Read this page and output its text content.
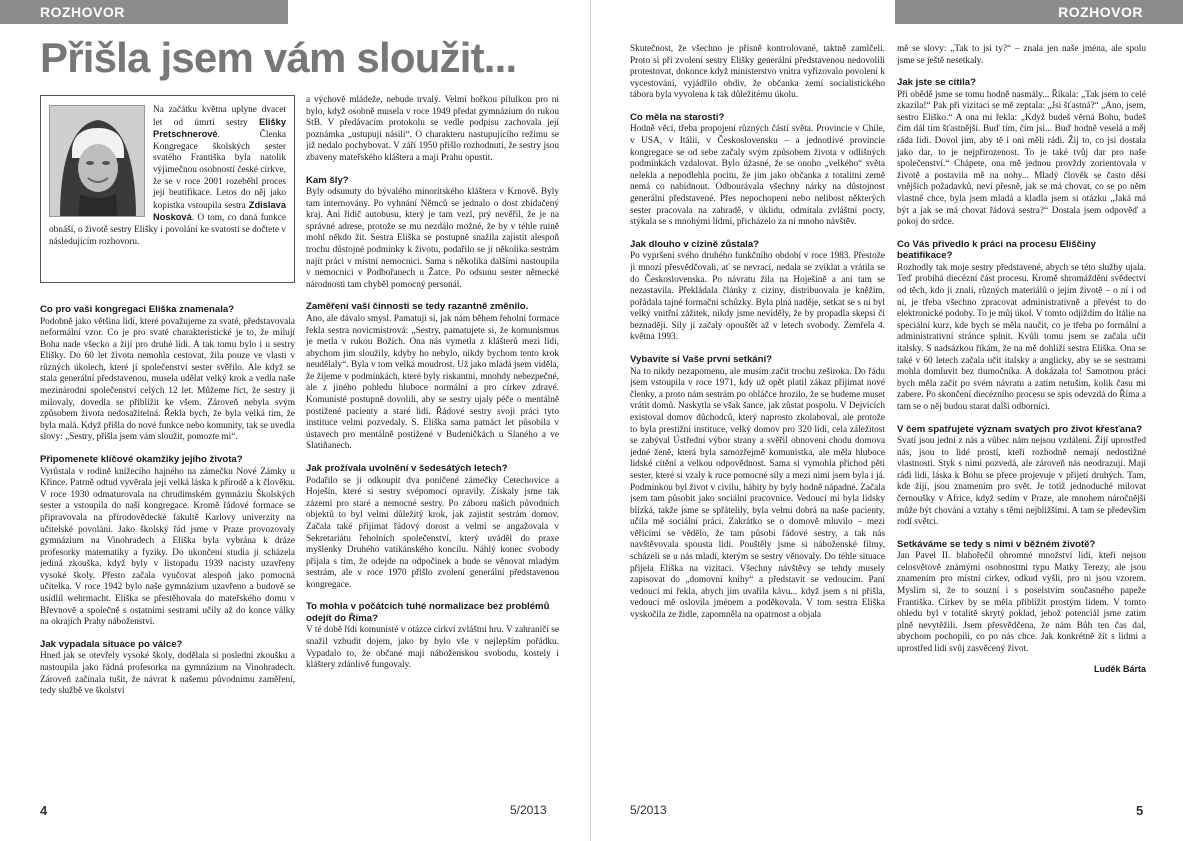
ROZHOVOR
Přišla jsem vám sloužit...
Na začátku května uplyne dvacet let od úmrtí sestry Elišky Pretschnerové. Členka Kongregace školských sester svatého Františka byla natolik výjimečnou osobností české církve, že se v roce 2001 rozeběhl proces její beatifikace. Letos do něj jako kopistka vstoupila sestra Zdislava Nosková. O tom, co daná funkce obnáší, o životě sestry Elišky i povolání ke svatosti se dočtete v následujícím rozhovoru.
Co pro vaši kongregaci Eliška znamenala?

Podobně jako většina lidí, které považujeme za svaté, představovala neformální vzor. Co je pro svaté charakteristické je to, že milují Boha nade všecko a žijí pro druhé lidi. A tak tomu bylo i u sestry Elišky. Do 60 let života nemohla cestovat, žila pouze ve vlasti v různých úkolech, které jí společenství sester svěřilo. Ale když se stala generální představenou, musela udělat velký krok a vedla naše mezinárodní společenství celých 12 let. Můžeme říct, že sestry ji milovaly, dovedla se přiblížit ke všem. Zároveň nebyla svým způsobem života nedosažitelná. Řekla bych, že byla velká tím, že byla malá. Když přišla do nové funkce nebo komunity, tak se uvedla slovy: „Sestry, přišla jsem vám sloužit, pomozte mi“.

Připomenete klíčové okamžiky jejího života?

Vyrůstala v rodině knížecího hajného na zámečku Nové Zámky u Křince. Patrně odtud vyvěrala její velká láska k přírodě a k člověku. V roce 1930 odmaturovala na chrudimském gymnáziu Školských sester a vstoupila do naší kongregace. Kromě řádové formace se připravovala na přírodovědecké fakultě Karlovy univerzity na učitelské povolání. Jako školský řád jsme v Praze provozovaly gymnázium na Vinohradech a Eliška byla vybrána k dráze profesorky matematiky a fyziky. Do ukončení studia jí scházela jediná zkouška, když byly v listopadu 1939 nacisty uzavřeny vysoké školy. Přesto začala vyučovat alespoň jako pomocná učitelka. V roce 1942 bylo naše gymnázium uzavřeno a budově se usídlil wehrmacht. Eliška se přestěhovala do mateřského domu v Břevnově a společně s ostatními sestrami učily až do konce války na okrajích Prahy náboženství.

Jak vypadala situace po válce?

Hned jak se otevřely vysoké školy, dodělala si poslední zkoušku a nastoupila jako řádná profesorka na gymnázium na Vinohradech. Zároveň začínala tušit, že návrat k našemu původnímu zaměření, tedy službě ve školství

a výchově mládeže, nebude trvalý. Velmi hořkou pilulkou pro ni bylo, když osobně musela v roce 1949 předat gymnázium do rukou StB. V předávacím protokolu se vedle podpisu zachovala její poznámka „ustupují násilí“. O charakteru nastupujícího režimu se již nedalo pochybovat. V září 1950 přišlo rozhodnutí, že sestry jsou zbaveny mateřského kláštera a mají Prahu opustit.

Kam šly?

Byly odsunuty do bývalého minoritského kláštera v Krnově. Byly tam internovány. Po vyhnání Němců se jednalo o dost zbídačený kraj. Ani řidič autobusu, který je tam vezl, prý nevěřil, že je na správné adrese, protože se mu nezdálo možné, že by v téhle ruině mohl někdo žít. Sestra Eliška se postupně snažila zajistit alespoň trochu důstojné podmínky k životu, podařilo se jí několika sestrám najít práci v místní nemocnici. Sama s několika dalšími nastoupila v nemocnici v Podbořanech u Žatce. Po odsunu sester německé národnosti tam chyběl pomocný personál.

Zaměření vaší činnosti se tedy razantně změnilo.

Ano, ale dávalo smysl. Pamatuji si, jak nám během řeholní formace řekla sestra novicmistrová: „Sestry, pamatujete si, že komunismus je metla v rukou Božích. Ona nás vymetla z klášterů mezi lidi, abychom jim sloužily, kdyby ho nebylo, nikdy bychom tento krok neudělaly“. Byla v tom velká moudrost. Už jako mladá jsem viděla, že žijeme v podmínkách, které byly riskantní, mnohdy nebezpečné, ale z jiného pohledu hluboce normální a pro církev zdravé. Komunisté postupně dovolili, aby se sestry ujaly péče o mentálně postižené pacienty a staré lidi. Řádové sestry svoji práci tyto instituce velmi pozvedaly. S. Eliška sama patnáct let působila v ústavech pro mentálně postižené v Budeničkách u Slaného a ve Slatiňanech.

Jak prožívala uvolnění v šedesátých letech?

Podařilo se jí odkoupit dva poničené zámečky Cetechovice a Hoješín, které si sestry svépomocí opravily. Získaly jsme tak zázemí pro staré a nemocné sestry. Po záboru našich původních objektů to byl velmi důležitý krok, jak zajistit sestrám domov. Začala také přijímat řádový dorost a velmi se angažovala v Sekretariátu řeholních společenství, který uváděl do praxe myšlenky Druhého vatikánského koncilu. Náhlý konec svobody přijala s tím, že odejde na odpočinek a bude se věnovat mladým sestrám, ale v roce 1970 přišlo zvolení generální představenou kongregace.

To mohla v počátcích tuhé normalizace bez problémů odejít do Říma?

V té době řídí komunisté v otázce církví zvláštní hru. V zahraničí se snažil vzbudit dojem, jako by bylo vše v nejlepším pořádku. Vypadalo to, že občané mají náboženskou svobodu, kostely i kláštery zdánlivě fungovaly.

4	5/2013
ROZHOVOR

Skutečnost, že všechno je přísně kontrolované, taktně zamlčeli. Proto si při zvolení sestry Elišky generální představenou nedovolili protestovat, dokonce když ministerstvo vnitra vyřizovalo povolení k vycestování, vyjádřilo obdiv, že občanka zemí socialistického tábora byla vyvolena k tak důležitému úkolu.

Co měla na starosti?

Hodně věcí, třeba propojení různých částí světa. Provincie v Chile, v USA, v Itálii, v Československu – a jednotlivé provincie kongregace se od sebe začaly svým způsobem života v odlišných podmínkách vzdalovat. Bylo úžasné, že se onoho „velkého“ světa nelekla a nepodlehla pocitu, že jím jako občanka z totalitní země nemá co nabídnout. Odbourávala všechny nárky na důstojnost generální představené. Přes nepochopení nebo nelibost některých sester pracovala na zahradě, v úklidu, odmítala zvláštní pocty, stýkala se s mnohými lidmi, přicházelo za ní mnoho návštěv.

Jak dlouho v cizině zůstala?

Po vypršení svého druhého funkčního období v roce 1983. Přestože ji mnozí přesvědčovali, ať se nevrací, nedala se zviklat a vrátila se do Československa. Po návratu žila na Hoješíně a ani tam se nezastavila. Překládala články z ciziny, distribuovala je kněžím, pořádala tajné formační schůzky. Byla plná naděje, setkat se s ní byl velký vnitřní zážitek, nikdy jsme neviděly, že by propadla skepsi či beznaději. Síly jí začaly opouštět až v letech svobody. Zemřela 4. května 1993.

Vybavíte si Vaše první setkání?

Na to nikdy nezapomenu, ale musím začít trochu zeširoka. Do řádu jsem vstoupila v roce 1971, kdy už opět platil zákaz přijímat nové členky, a proto nám sestrám po obláčce hrozilo, že se budeme muset vrátit domů. Naskytla se však šance, jak zůstat pospolu. V Dejvicích existoval domov důchodců, který naprosto zkolaboval, ale protože to byla prestižní instituce, velký domov pro 320 lidí, cela záležitost se zabýval Ústřední výbor strany a svěřil obnovení chodu domova jedné ženě, která byla samozřejmě komunistka, ale měla hluboce lidské cítění a velkou odpovědnost. Sama si vymohla příchod pěti sester, které si vzaly k ruce pomocné síly a mezi nimi jsem byla i já. Podmínkou byl život v civilu, hábity by byly hodně nápadné. Začala jsem tam působit jako sociální pracovnice. Vedoucí mi byla lidsky blízká, takže jsme se spřátelily, byla velmi dobrá na naše pacienty, učila mě sociální práci. Zakrátko se o domově mluvilo – mezi věřícími se vědělo, že tam působí řádové sestry, a tak nás navštěvovala spousta lidí. Pouštěly jsme si náboženské filmy, scházeli se u nás mladí, kterým se sestry věnovaly. Do téhle situace přijela Eliška na vizitaci. Všechny návštěvy se tehdy musely zapisovat do „domovní knihy“ a představit se vedoucím. Paní vedoucí mi řekla, abych jim uvařila kávu... když jsem s ní přišla, vedoucí mě oslovila jménem a poděkovala. V tom sestra Eliška vyskočila ze židle, zapomněla na opatrnost a objala

mě se slovy: „Tak to jsi ty?“ – znala jen naše jména, ale spolu jsme se ještě nesetkaly.

Jak jste se cítila?

Při obědě jsme se tomu hodně nasmály... Říkala: „Tak jsem to celé zkazila!“ Pak při vizitaci se mě zeptala: „Jsi šťastná?“ „Ano, jsem, sestro Eliško.“ A ona mi řekla: „Když budeš věrná Bohu, budeš čím dál tím šťastnější. Buď tím, čím jsi... Buď hodně veselá a měj ráda lidi. Dovol jim, aby tě i oni měli rádi. Žij to, co jsi dostala jako dar, to je nejpřirozenost. To je také tvůj dar pro naše společenství.“ Chápete, ona mě jednou provždy zorientovala v životě a postavila mě na nohy... Mladý člověk se často děsí vnějších požadavků, neví přesně, jak se má chovat, co se po něm vlastně chce, byla jsem mladá a kladla jsem si otázku „Jaká má být a jak se má chovat řádová sestra?“ Dostala jsem odpověď a pokoj do srdce.

Co Vás přivedlo k práci na procesu Eliščiny beatifikace?

Rozhodly tak moje sestry představené, abych se této služby ujala. Teď probíhá diecézní část procesu. Kromě shromáždění svědectví od těch, kdo ji znali, různých materiálů o jejím životě – o ní i od ní, je třeba všechno zpracovat administrativně a převést to do elektronické podoby. To je můj úkol. V tomto odjíždím do Itálie na speciální kurz, kde bych se měla naučit, co je třeba po formální a administrativní stránce splnit. Kvůli tomu jsem se začala učit italsky. S nadsázkou říkám, že na mě dohlíží sestra Eliška. Ona se také v 60 letech začala učit italsky a anglicky, aby se se sestrami mohla domluvit bez tlumočníka. A dokázala to! Samotnou práci bych měla začít po svém návratu a zatím netušim, kolik času mi zabere. Po skončení diecézního procesu se spis odevzdá do Říma a tam se o něj budou starat další odborníci.

V čem spatřujete význam svatých pro život křesťana?

Svatí jsou jední z nás a vůbec nám nejsou vzdálení. Žijí uprostřed nás, jsou to lidé prostí, kteří rozhodně nemají nedostižné vlastnosti. Styk s nimi pozvedá, ale zároveň nás neodrazují. Mají rádi lidi, láska k Bohu se přece projevuje v přijetí druhých. Tam, kde žijí, jsou znamením pro svět. Je totiž jednoduché milovat černoušky v Africe, když sedím v Praze, ale mnohem náročnější může být chování a vztahy s těmi nejbližšími. A tam se především rodí světci.

Setkáváme se tedy s nimi v běžném životě?

Jan Pavel II. blahořečil ohromné množství lidí, kteří nejsou celosvětově známými osobnostmi typu Matky Terezy, ale jsou znamením pro místní církev, odkud vyšli, pro ni jsou vzorem. Myslím si, že to souzní i s poselstvím současného papeže Františka. Církev by se měla přiblížit prostým lidem. V tomto ohledu byl v totalitě skrytý poklad, jehož potenciál jsme zatím plně nevytěžili. Jsem přesvědčena, že nám Bůh ten čas dal, abychom pochopili, co po nás chce. Jak konkrétně žít s lidmi a uprostřed lidí svůj zasvěcený život.

Luděk Bárta
5/2013	5
